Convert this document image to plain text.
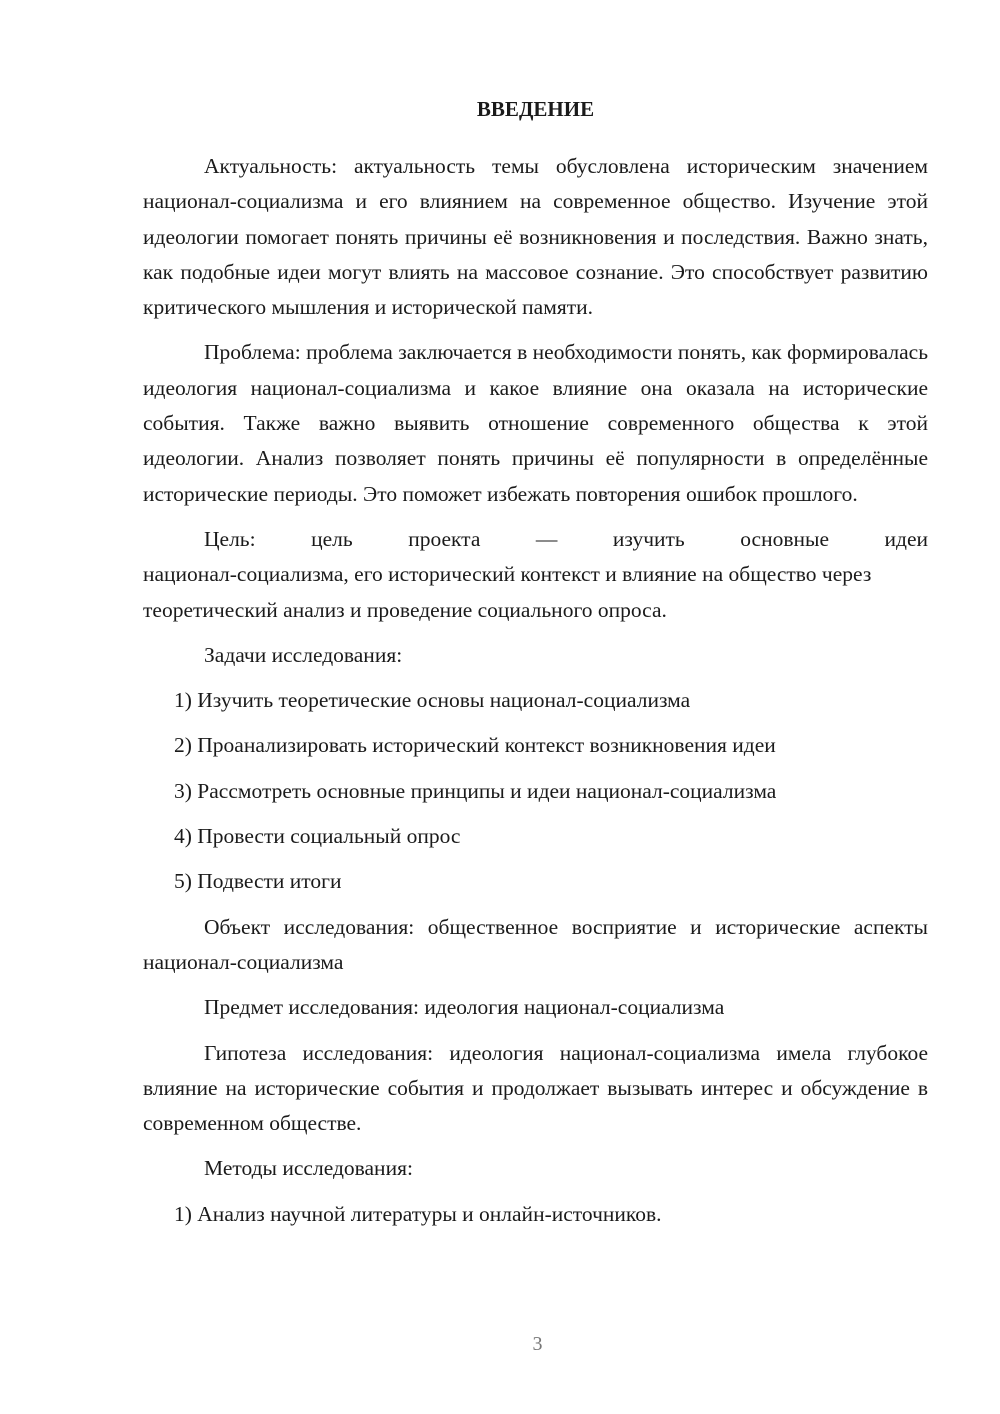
ВВЕДЕНИЕ

Актуальность: актуальность темы обусловлена историческим значением национал-социализма и его влиянием на современное общество. Изучение этой идеологии помогает понять причины её возникновения и последствия. Важно знать, как подобные идеи могут влиять на массовое сознание. Это способствует развитию критического мышления и исторической памяти.

Проблема: проблема заключается в необходимости понять, как формировалась идеология национал-социализма и какое влияние она оказала на исторические события. Также важно выявить отношение современного общества к этой идеологии. Анализ позволяет понять причины её популярности в определённые исторические периоды. Это поможет избежать повторения ошибок прошлого.

Цель: цель проекта — изучить основные идеи

национал-социализма, его исторический контекст и влияние на общество через теоретический анализ и проведение социального опроса.

Задачи исследования:

1) Изучить теоретические основы национал-социализма

2) Проанализировать исторический контекст возникновения идеи

3) Рассмотреть основные принципы и идеи национал-социализма

4) Провести социальный опрос

5) Подвести итоги

Объект исследования: общественное восприятие и исторические аспекты национал-социализма

Предмет исследования: идеология национал-социализма

Гипотеза исследования: идеология национал-социализма имела глубокое влияние на исторические события и продолжает вызывать интерес и обсуждение в современном обществе.

Методы исследования:

1) Анализ научной литературы и онлайн-источников.

3
